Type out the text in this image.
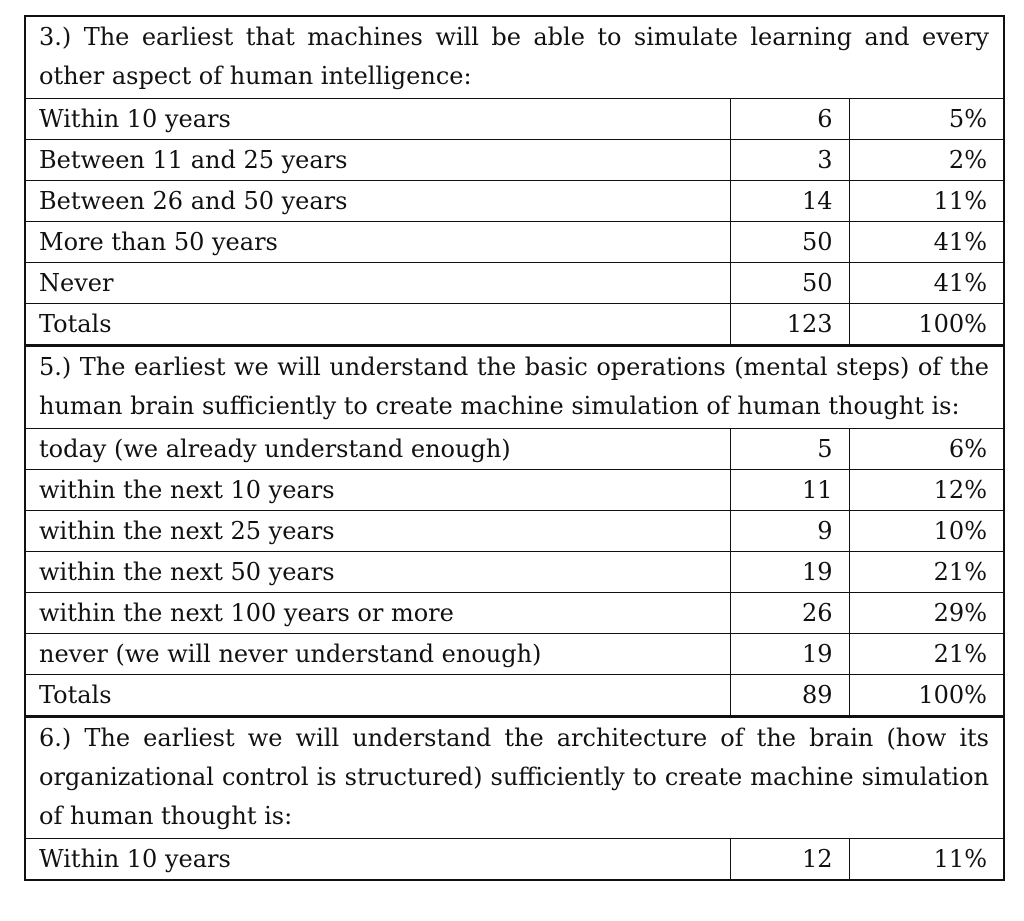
3.) The earliest that machines will be able to simulate learning and every other aspect of human intelligence:		
Within 10 years	6	5%
Between 11 and 25 years	3	2%
Between 26 and 50 years	14	11%
More than 50 years	50	41%
Never	50	41%
Totals	123	100%
5.) The earliest we will understand the basic operations (mental steps) of the human brain sufficiently to create machine simulation of human thought is:		
today (we already understand enough)	5	6%
within the next 10 years	11	12%
within the next 25 years	9	10%
within the next 50 years	19	21%
within the next 100 years or more	26	29%
never (we will never understand enough)	19	21%
Totals	89	100%
6.) The earliest we will understand the architecture of the brain (how its organizational control is structured) sufficiently to create machine simulation of human thought is:		
Within 10 years	12	11%
